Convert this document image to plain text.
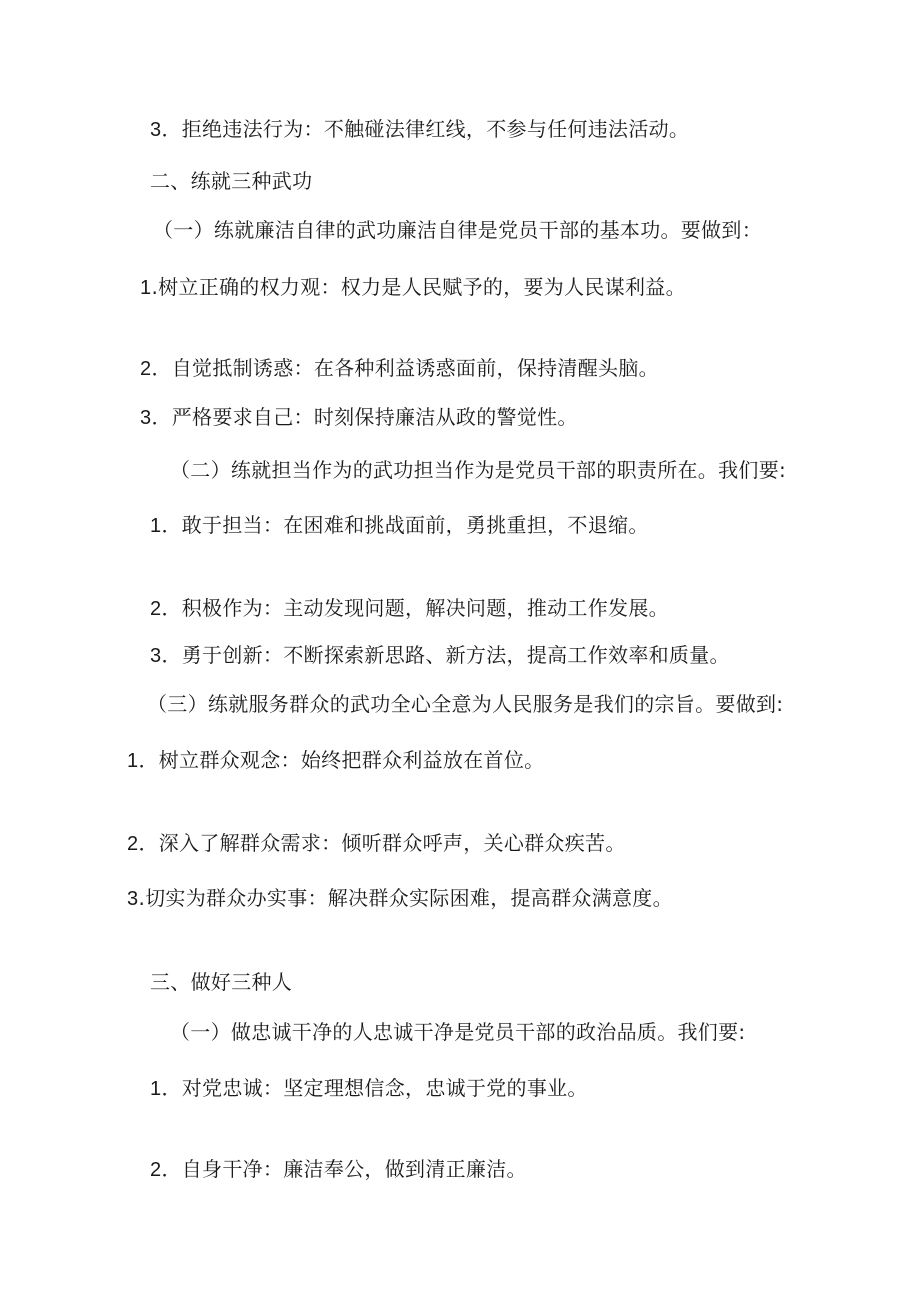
3．拒绝违法行为：不触碰法律红线，不参与任何违法活动。
二、练就三种武功
（一）练就廉洁自律的武功廉洁自律是党员干部的基本功。要做到：
1.树立正确的权力观：权力是人民赋予的，要为人民谋利益。
2．自觉抵制诱惑：在各种利益诱惑面前，保持清醒头脑。
3．严格要求自己：时刻保持廉洁从政的警觉性。
（二）练就担当作为的武功担当作为是党员干部的职责所在。我们要:
1．敢于担当：在困难和挑战面前，勇挑重担，不退缩。
2．积极作为：主动发现问题，解决问题，推动工作发展。
3．勇于创新：不断探索新思路、新方法，提高工作效率和质量。
（三）练就服务群众的武功全心全意为人民服务是我们的宗旨。要做到:
1．树立群众观念：始终把群众利益放在首位。
2．深入了解群众需求：倾听群众呼声，关心群众疾苦。
3.切实为群众办实事：解决群众实际困难，提高群众满意度。
三、做好三种人
（一）做忠诚干净的人忠诚干净是党员干部的政治品质。我们要:
1．对党忠诚：坚定理想信念，忠诚于党的事业。
2．自身干净：廉洁奉公，做到清正廉洁。
